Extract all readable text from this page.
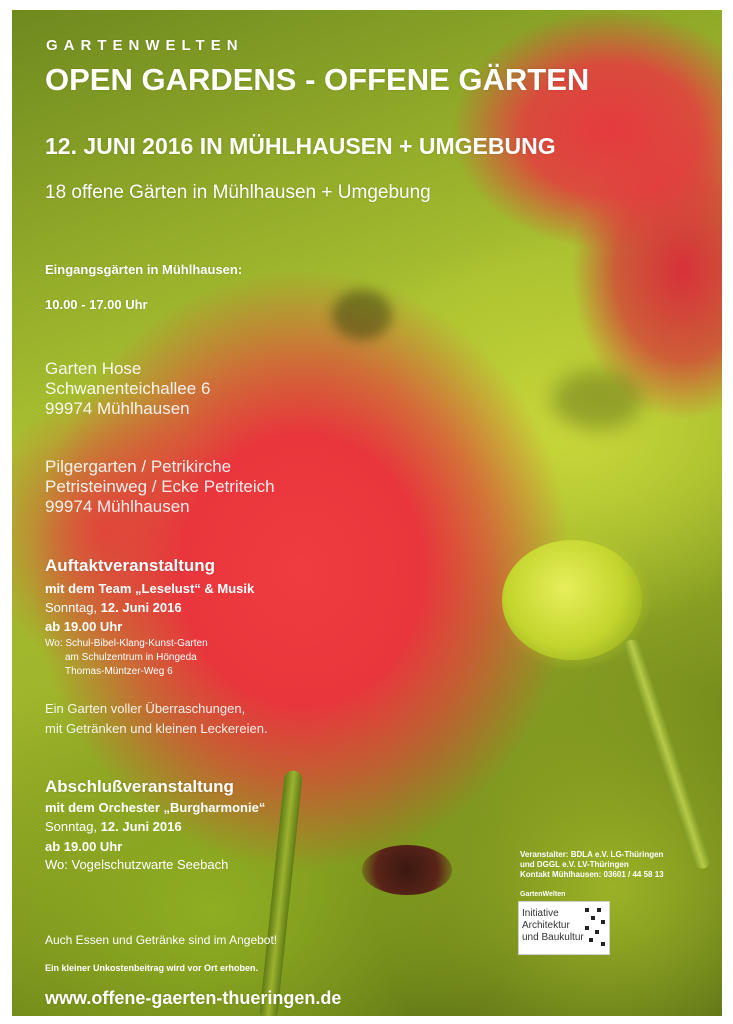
GARTENWELTEN

OPEN GARDENS - OFFENE GÄRTEN

12. JUNI 2016 IN MÜHLHAUSEN + UMGEBUNG

18 offene Gärten in Mühlhausen + Umgebung

Eingangsgärten in Mühlhausen:

10.00 - 17.00 Uhr

Garten Hose
Schwanenteichallee 6
99974 Mühlhausen
Pilgergarten / Petrikirche
Petristeinweg / Ecke Petriteich
99974 Mühlhausen

Auftaktveranstaltung

mit dem Team „Leselust“ & Musik

Sonntag, 12. Juni 2016

ab 19.00 Uhr

Wo: Schul-Bibel-Klang-Kunst-Garten
am Schulzentrum in Höngeda
Thomas-Müntzer-Weg 6
Ein Garten voller Überraschungen,
mit Getränken und kleinen Leckereien.

Abschlußveranstaltung

mit dem Orchester „Burgharmonie“

Sonntag, 12. Juni 2016

ab 19.00 Uhr

Wo: Vogelschutzwarte Seebach

Auch Essen und Getränke sind im Angebot!

Ein kleiner Unkostenbeitrag wird vor Ort erhoben.

www.offene-gaerten-thueringen.de

Veranstalter: BDLA e.V. LG-Thüringen
und DGGL e.V. LV-Thüringen
Kontakt Mühlhausen: 03601 / 44 58 13

GartenWelten

Initiative
Architektur
und Baukultur
